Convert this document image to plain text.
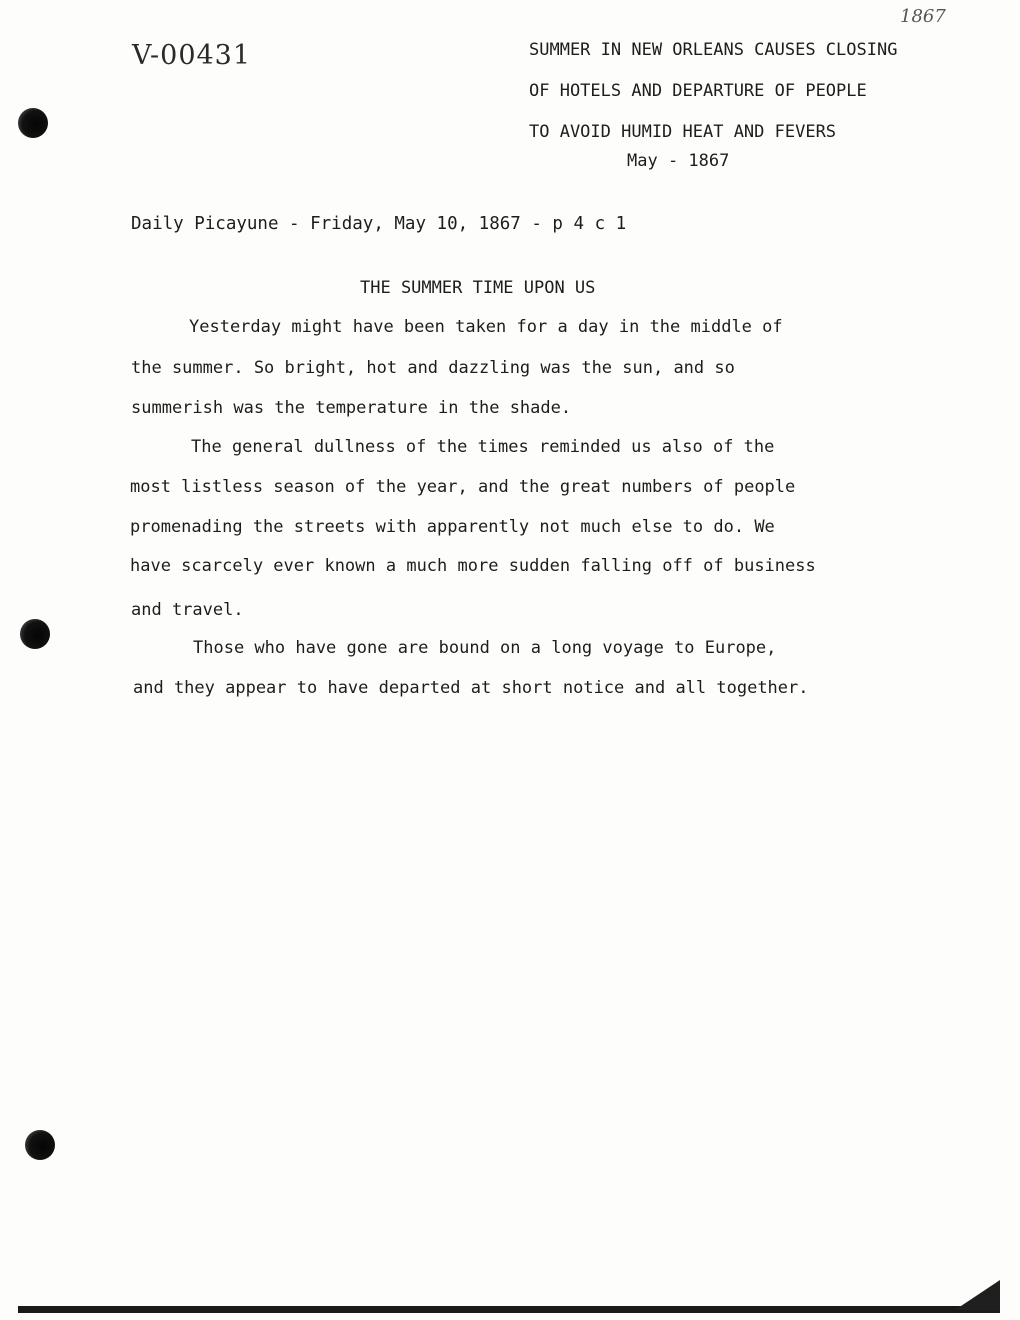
1867
V-00431	SUMMER IN NEW ORLEANS CAUSES CLOSING
OF HOTELS AND DEPARTURE OF PEOPLE
TO AVOID HUMID HEAT AND FEVERS
May - 1867
Daily Picayune - Friday, May 10, 1867 - p 4 c 1
THE SUMMER TIME UPON US
Yesterday might have been taken for a day in the middle of
the summer. So bright, hot and dazzling was the sun, and so
summerish was the temperature in the shade.
The general dullness of the times reminded us also of the
most listless season of the year, and the great numbers of people
promenading the streets with apparently not much else to do. We
have scarcely ever known a much more sudden falling off of business
and travel.
Those who have gone are bound on a long voyage to Europe,
and they appear to have departed at short notice and all together.
